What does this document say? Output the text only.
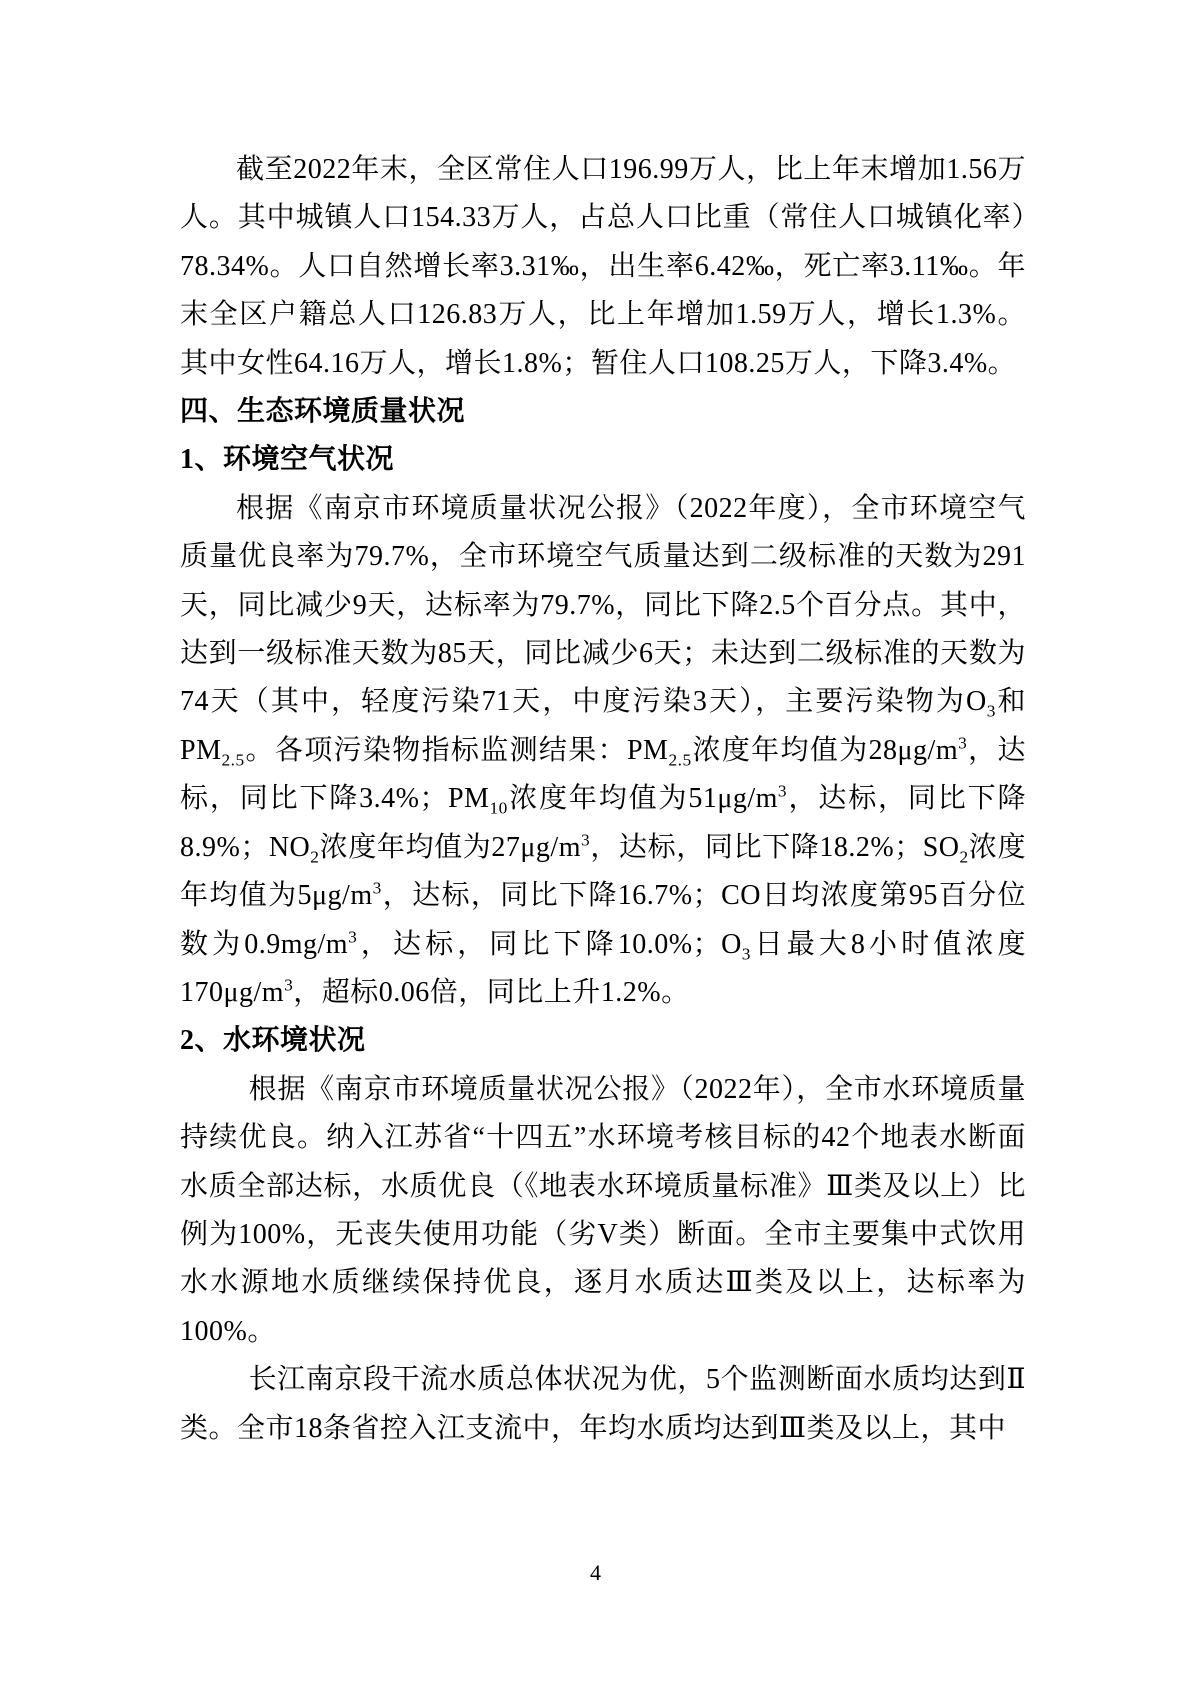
截至2022年末，全区常住人口196.99万人，比上年末增加1.56万人。其中城镇人口154.33万人，占总人口比重（常住人口城镇化率）78.34%。人口自然增长率3.31‰，出生率6.42‰，死亡率3.11‰。年末全区户籍总人口126.83万人，比上年增加1.59万人，增长1.3%。其中女性64.16万人，增长1.8%；暂住人口108.25万人，下降3.4%。

四、生态环境质量状况

1、环境空气状况

根据《南京市环境质量状况公报》（2022年度），全市环境空气质量优良率为79.7%，全市环境空气质量达到二级标准的天数为291天，同比减少9天，达标率为79.7%，同比下降2.5个百分点。其中，达到一级标准天数为85天，同比减少6天；未达到二级标准的天数为74天（其中，轻度污染71天，中度污染3天），主要污染物为$O_3$和$PM_{2.5}$。各项污染物指标监测结果：$PM_{2.5}$浓度年均值为$28\mu g/m^3$，达标，同比下降3.4%；$PM_{10}$浓度年均值为$51\mu g/m^3$，达标，同比下降8.9%；$NO_2$浓度年均值为$27\mu g/m^3$，达标，同比下降18.2%；$SO_2$浓度年均值为$5\mu g/m^3$，达标，同比下降16.7%；CO日均浓度第95百分位数为$0.9mg/m^3$，达标，同比下降10.0%；$O_3$日最大8小时值浓度$170\mu g/m^3$，超标0.06倍，同比上升1.2%。

2、水环境状况

根据《南京市环境质量状况公报》（2022年），全市水环境质量持续优良。纳入江苏省“十四五”水环境考核目标的42个地表水断面水质全部达标，水质优良（《地表水环境质量标准》Ⅲ类及以上）比例为100%，无丧失使用功能（劣V类）断面。全市主要集中式饮用水水源地水质继续保持优良，逐月水质达Ⅲ类及以上，达标率为100%。

长江南京段干流水质总体状况为优，5个监测断面水质均达到Ⅱ类。全市18条省控入江支流中，年均水质均达到Ⅲ类及以上，其中

4
